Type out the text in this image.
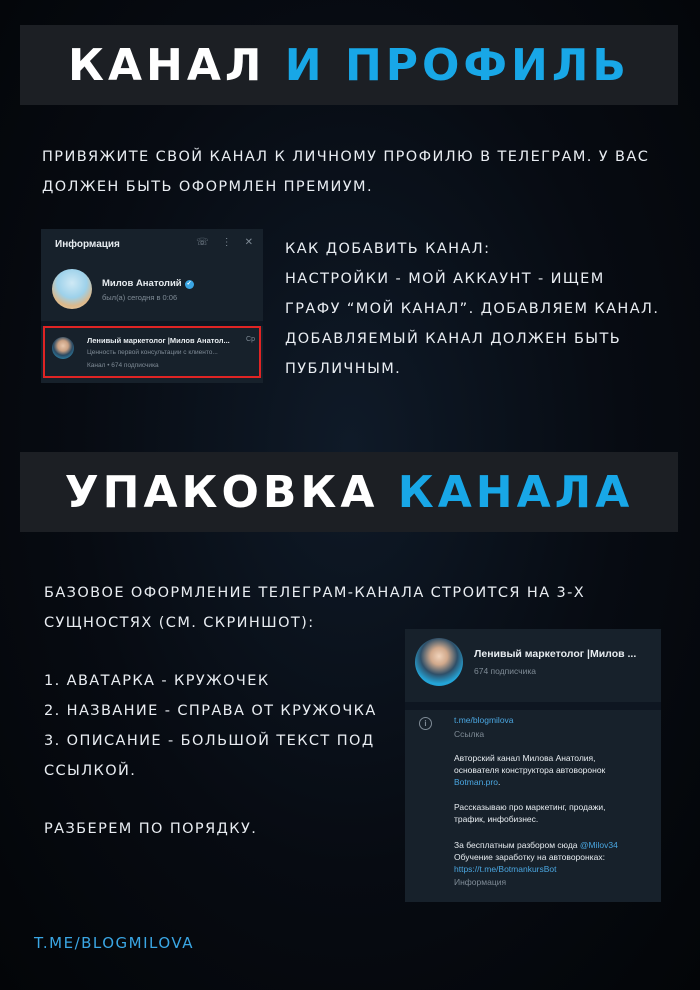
КАНАЛ
И ПРОФИЛЬ
ПРИВЯЖИТЕ СВОЙ КАНАЛ К ЛИЧНОМУ ПРОФИЛЮ В ТЕЛЕГРАМ. У ВАС
ДОЛЖЕН БЫТЬ ОФОРМЛЕН ПРЕМИУМ.
Информация	☏ ⋮ ✕
Милов Анатолий ✓
был(а) сегодня в 0:06
Ленивый маркетолог |Милов Анатол... Ср
Ценность первой консультации с клиенто...
Канал • 674 подписчика
КАК ДОБАВИТЬ КАНАЛ:
НАСТРОЙКИ - МОЙ АККАУНТ - ИЩЕМ
ГРАФУ “МОЙ КАНАЛ”. ДОБАВЛЯЕМ КАНАЛ.
ДОБАВЛЯЕМЫЙ КАНАЛ ДОЛЖЕН БЫТЬ
ПУБЛИЧНЫМ.
УПАКОВКА
КАНАЛА
БАЗОВОЕ ОФОРМЛЕНИЕ ТЕЛЕГРАМ-КАНАЛА СТРОИТСЯ НА 3-Х
СУЩНОСТЯХ (СМ. СКРИНШОТ):
1. АВАТАРКА - КРУЖОЧЕК
2. НАЗВАНИЕ - СПРАВА ОТ КРУЖОЧКА
3. ОПИСАНИЕ - БОЛЬШОЙ ТЕКСТ ПОД
ССЫЛКОЙ.
РАЗБЕРЕМ ПО ПОРЯДКУ.
Ленивый маркетолог |Милов ...
674 подписчика
i	t.me/blogmilova
Ссылка
Авторский канал Милова Анатолия,
основателя конструктора автоворонок
Botman.pro.
Рассказываю про маркетинг, продажи,
трафик, инфобизнес.
За бесплатным разбором сюда @Milov34
Обучение заработку на автоворонках:
https://t.me/BotmankursBot
Информация
T.ME/BLOGMILOVA
